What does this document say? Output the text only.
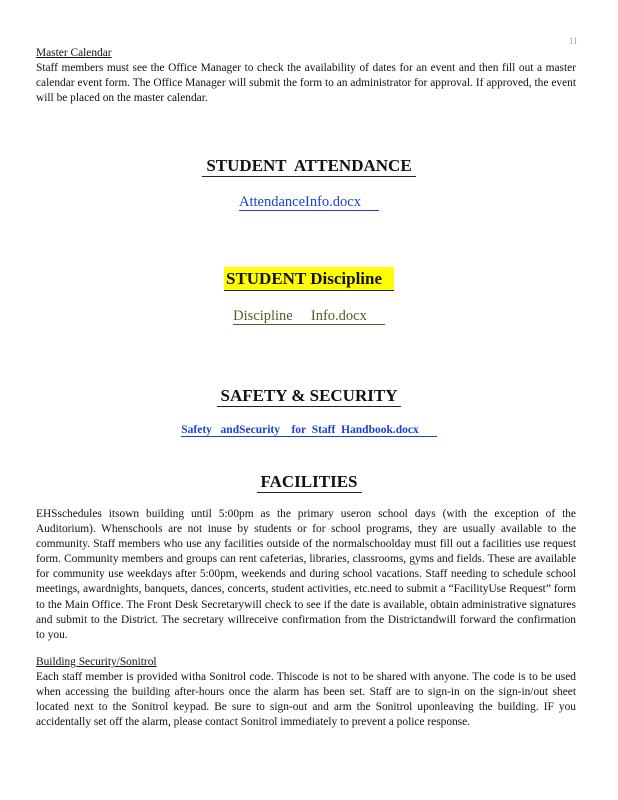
11
Master Calendar

Staff members must see the Office Manager to check the availability of dates for an event and then fill out a master calendar event form. The Office Manager will submit the form to an administrator for approval. If approved, the event will be placed on the master calendar.

STUDENT  ATTENDANCE
AttendanceInfo.docx
STUDENT Discipline
Discipline     Info.docx
SAFETY & SECURITY
Safety   andSecurity    for  Staff  Handbook.docx
FACILITIES

EHSschedules itsown building until 5:00pm as the primary useron school days (with the exception of the Auditorium). Whenschools are not inuse by students or for school programs, they are usually available to the community. Staff members who use any facilities outside of the normalschoolday must fill out a facilities use request form. Community members and groups can rent cafeterias, libraries, classrooms, gyms and fields. These are available for community use weekdays after 5:00pm, weekends and during school vacations. Staff needing to schedule school meetings, awardnights, banquets, dances, concerts, student activities, etc.need to submit a “FacilityUse Request” form to the Main Office. The Front Desk Secretarywill check to see if the date is available, obtain administrative signatures and submit to the District. The secretary willreceive confirmation from the Districtandwill forward the confirmation to you.

Building Security/Sonitrol

Each staff member is provided witha Sonitrol code. Thiscode is not to be shared with anyone. The code is to be used when accessing the building after-hours once the alarm has been set. Staff are to sign-in on the sign-in/out sheet located next to the Sonitrol keypad. Be sure to sign-out and arm the Sonitrol uponleaving the building. IF you accidentally set off the alarm, please contact Sonitrol immediately to prevent a police response.
